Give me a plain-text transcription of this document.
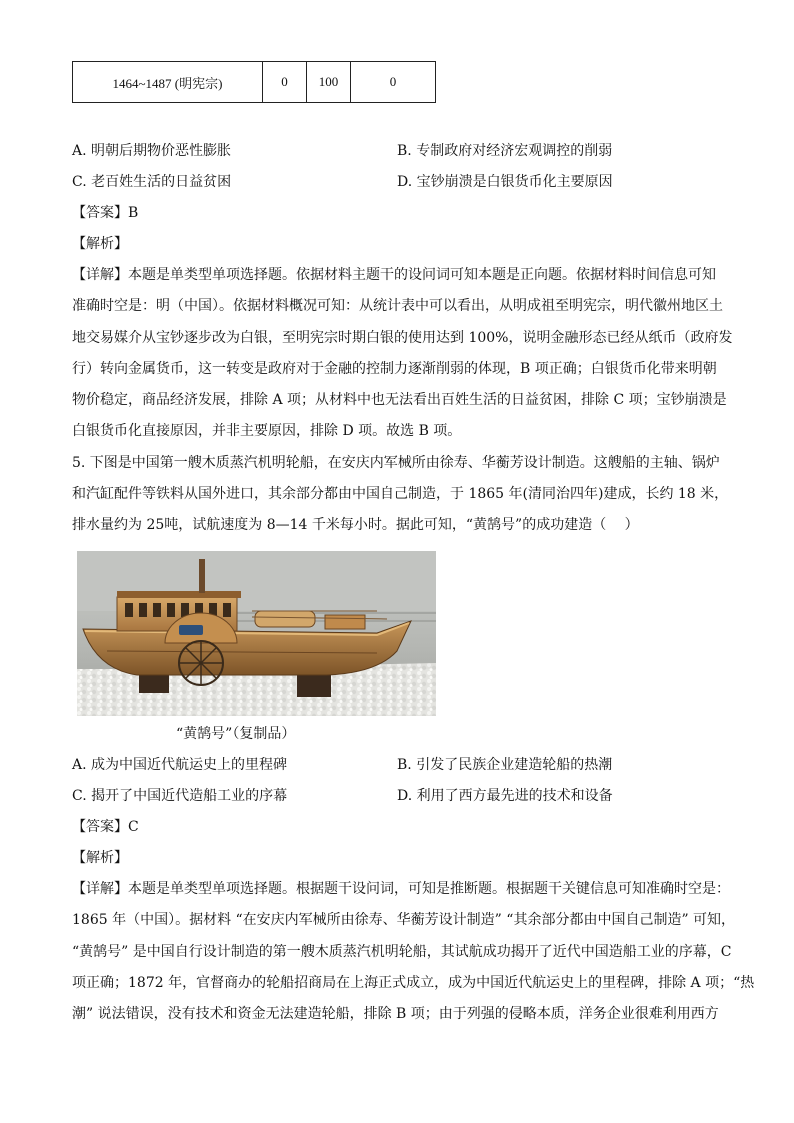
1464~1487 (明宪宗)	0	100	0
A. 明朝后期物价恶性膨胀	B. 专制政府对经济宏观调控的削弱
C. 老百姓生活的日益贫困	D. 宝钞崩溃是白银货币化主要原因
【答案】B
【解析】
【详解】本题是单类型单项选择题。依据材料主题干的设问词可知本题是正向题。依据材料时间信息可知
准确时空是：明（中国）。依据材料概况可知：从统计表中可以看出，从明成祖至明宪宗，明代徽州地区土
地交易媒介从宝钞逐步改为白银，至明宪宗时期白银的使用达到 100%，说明金融形态已经从纸币（政府发
行）转向金属货币，这一转变是政府对于金融的控制力逐渐削弱的体现，B 项正确；白银货币化带来明朝
物价稳定，商品经济发展，排除 A 项；从材料中也无法看出百姓生活的日益贫困，排除 C 项；宝钞崩溃是
白银货币化直接原因，并非主要原因，排除 D 项。故选 B 项。
5. 下图是中国第一艘木质蒸汽机明轮船，在安庆内军械所由徐寿、华蘅芳设计制造。这艘船的主轴、锅炉
和汽缸配件等铁料从国外进口，其余部分都由中国自己制造，于 1865 年(清同治四年)建成，长约 18 米，
排水量约为 25吨，试航速度为 8—14 千米每小时。据此可知，“黄鹄号”的成功建造（　 ）
“黄鹄号”（复制品）
A. 成为中国近代航运史上的里程碑	B. 引发了民族企业建造轮船的热潮
C. 揭开了中国近代造船工业的序幕	D. 利用了西方最先进的技术和设备
【答案】C
【解析】
【详解】本题是单类型单项选择题。根据题干设问词，可知是推断题。根据题干关键信息可知准确时空是：
1865 年（中国）。据材料 “在安庆内军械所由徐寿、华蘅芳设计制造” “其余部分都由中国自己制造” 可知，
“黄鹄号” 是中国自行设计制造的第一艘木质蒸汽机明轮船，其试航成功揭开了近代中国造船工业的序幕，C
项正确；1872 年，官督商办的轮船招商局在上海正式成立，成为中国近代航运史上的里程碑，排除 A 项；“热
潮” 说法错误，没有技术和资金无法建造轮船，排除 B 项；由于列强的侵略本质，洋务企业很难利用西方
